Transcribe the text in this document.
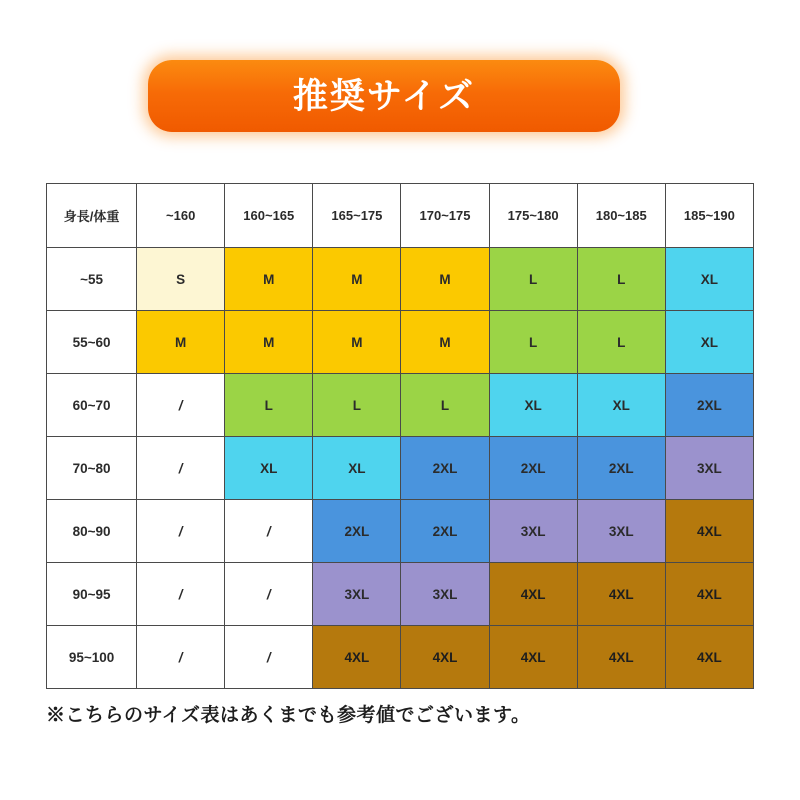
推奨サイズ
身長/体重	~160	160~165	165~175	170~175	175~180	180~185	185~190
~55	S	M	M	M	L	L	XL
55~60	M	M	M	M	L	L	XL
60~70	/	L	L	L	XL	XL	2XL
70~80	/	XL	XL	2XL	2XL	2XL	3XL
80~90	/	/	2XL	2XL	3XL	3XL	4XL
90~95	/	/	3XL	3XL	4XL	4XL	4XL
95~100	/	/	4XL	4XL	4XL	4XL	4XL
※こちらのサイズ表はあくまでも参考値でございます。
